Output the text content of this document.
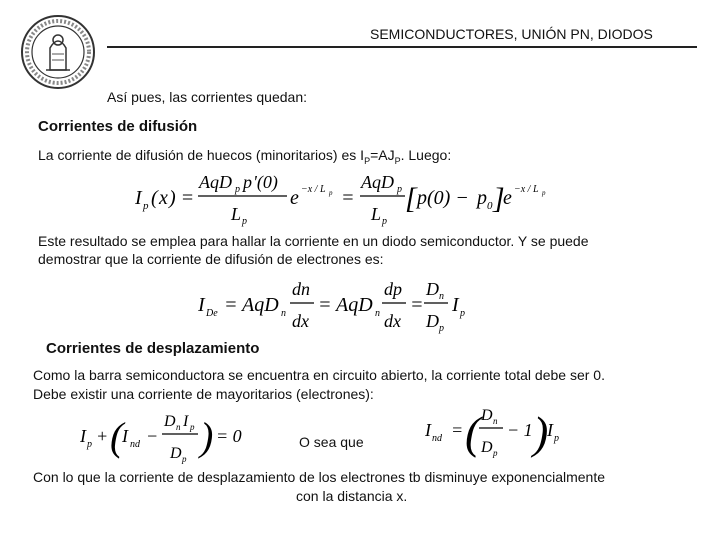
SEMICONDUCTORES, UNIÓN PN, DIODOS
Así pues, las corrientes quedan:
Corrientes de difusión
La corriente de difusión de huecos (minoritarios) es $I_P=AJ_P$. Luego:
I p ( x ) =
AqD p p '(0)
L p
e −x / L p =
AqD p
L p
[ p (0) − p 0 ]
e −x / L p
Este resultado se emplea para hallar la corriente en un diodo semiconductor. Y se puede
demostrar que la corriente de difusión de electrones es:
I De = AqD n
dn
dx
= AqD n
dp
dx
=
D n
D p
I p
Corrientes de desplazamiento
Como la barra semiconductora se encuentra en circuito abierto, la corriente total debe ser 0.
Debe existir una corriente de mayoritarios (electrones):
I p + (
I nd −
D n I p
D p ) = 0	O sea que
I nd = ( D n
D p
− 1 )
I p
Con lo que la corriente de desplazamiento de los electrones tb disminuye exponencialmente
con la distancia x.
